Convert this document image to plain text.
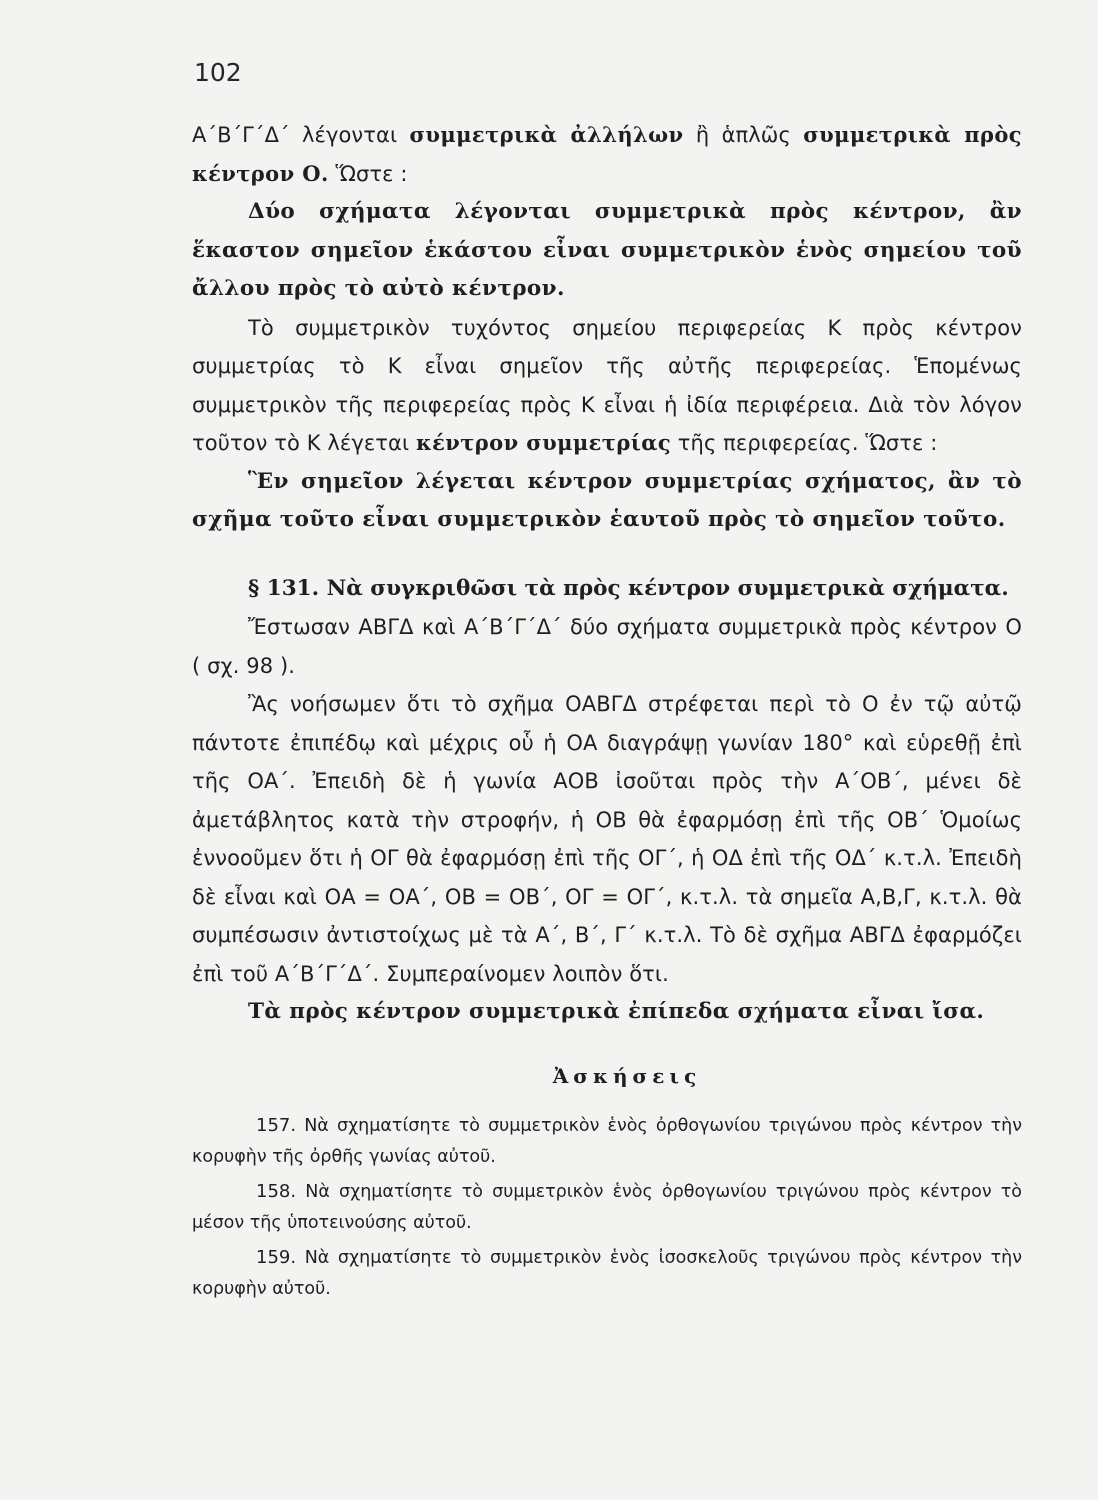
102

Α΄Β΄Γ΄Δ΄ λέγονται συμμετρικὰ ἀλλήλων ἢ ἁπλῶς συμμετρικὰ πρὸς κέντρον Ο. Ὥστε :

Δύο σχήματα λέγονται συμμετρικὰ πρὸς κέντρον, ἂν ἕκαστον σημεῖον ἑκάστου εἶναι συμμετρικὸν ἑνὸς σημείου τοῦ ἄλλου πρὸς τὸ αὐτὸ κέντρον.

Τὸ συμμετρικὸν τυχόντος σημείου περιφερείας Κ πρὸς κέντρον συμμετρίας τὸ Κ εἶναι σημεῖον τῆς αὐτῆς περιφερείας. Ἑπομένως συμμετρικὸν τῆς περιφερείας πρὸς Κ εἶναι ἡ ἰδία περιφέρεια. Διὰ τὸν λόγον τοῦτον τὸ Κ λέγεται κέντρον συμμετρίας τῆς περιφερείας. Ὥστε :

Ἓν σημεῖον λέγεται κέντρον συμμετρίας σχήματος, ἂν τὸ σχῆμα τοῦτο εἶναι συμμετρικὸν ἑαυτοῦ πρὸς τὸ σημεῖον τοῦτο.

§ 131. Νὰ συγκριθῶσι τὰ πρὸς κέντρον συμμετρικὰ σχήματα.

Ἔστωσαν ΑΒΓΔ καὶ Α΄Β΄Γ΄Δ΄ δύο σχήματα συμμετρικὰ πρὸς κέντρον Ο ( σχ. 98 ).

Ἂς νοήσωμεν ὅτι τὸ σχῆμα ΟΑΒΓΔ στρέφεται περὶ τὸ Ο ἐν τῷ αὐτῷ πάντοτε ἐπιπέδῳ καὶ μέχρις οὗ ἡ ΟΑ διαγράψῃ γωνίαν 180° καὶ εὑρεθῇ ἐπὶ τῆς ΟΑ΄. Ἐπειδὴ δὲ ἡ γωνία ΑΟΒ ἰσοῦται πρὸς τὴν Α΄ΟΒ΄, μένει δὲ ἀμετάβλητος κατὰ τὴν στροφήν, ἡ ΟΒ θὰ ἐφαρμόσῃ ἐπὶ τῆς ΟΒ΄ Ὁμοίως ἐννοοῦμεν ὅτι ἡ ΟΓ θὰ ἐφαρμόσῃ ἐπὶ τῆς ΟΓ΄, ἡ ΟΔ ἐπὶ τῆς ΟΔ΄ κ.τ.λ. Ἐπειδὴ δὲ εἶναι καὶ ΟΑ = ΟΑ΄, ΟΒ = ΟΒ΄, ΟΓ = ΟΓ΄, κ.τ.λ. τὰ σημεῖα Α,Β,Γ, κ.τ.λ. θὰ συμπέσωσιν ἀντιστοίχως μὲ τὰ Α΄, Β΄, Γ΄ κ.τ.λ. Τὸ δὲ σχῆμα ΑΒΓΔ ἐφαρμόζει ἐπὶ τοῦ Α΄Β΄Γ΄Δ΄. Συμπεραίνομεν λοιπὸν ὅτι.

Τὰ πρὸς κέντρον συμμετρικὰ ἐπίπεδα σχήματα εἶναι ἴσα.

Ἀσκήσεις

157. Νὰ σχηματίσητε τὸ συμμετρικὸν ἑνὸς ὀρθογωνίου τριγώνου πρὸς κέντρον τὴν κορυφὴν τῆς ὀρθῆς γωνίας αὐτοῦ.

158. Νὰ σχηματίσητε τὸ συμμετρικὸν ἑνὸς ὀρθογωνίου τριγώνου πρὸς κέντρον τὸ μέσον τῆς ὑποτεινούσης αὐτοῦ.

159. Νὰ σχηματίσητε τὸ συμμετρικὸν ἑνὸς ἰσοσκελοῦς τριγώνου πρὸς κέντρον τὴν κορυφὴν αὐτοῦ.
